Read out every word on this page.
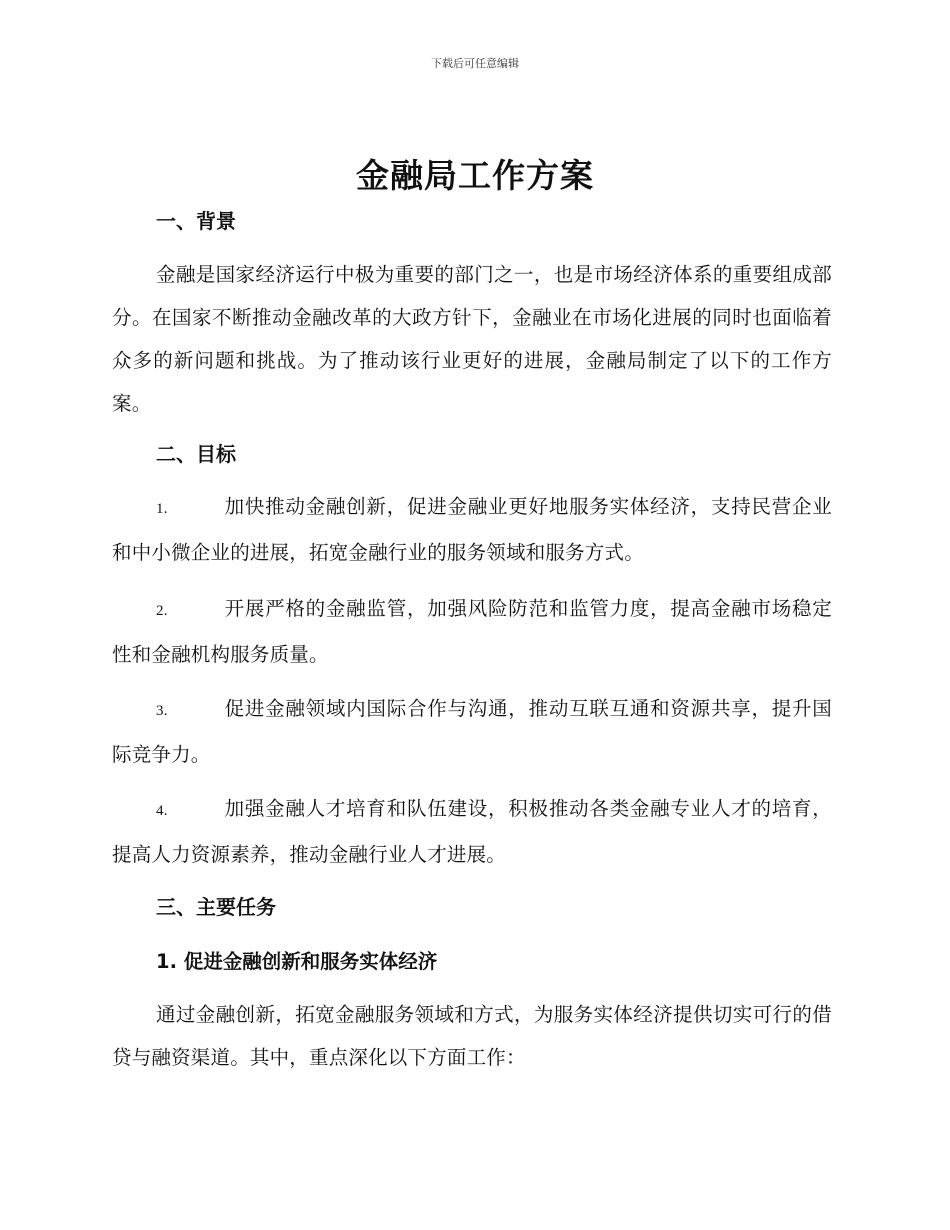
下载后可任意编辑
金融局工作方案
一、背景
金融是国家经济运行中极为重要的部门之一，也是市场经济体系的重要组成部分。在国家不断推动金融改革的大政方针下，金融业在市场化进展的同时也面临着众多的新问题和挑战。为了推动该行业更好的进展，金融局制定了以下的工作方案。
二、目标
1.	加快推动金融创新，促进金融业更好地服务实体经济，支持民营企业和中小微企业的进展，拓宽金融行业的服务领域和服务方式。
2.	开展严格的金融监管，加强风险防范和监管力度，提高金融市场稳定性和金融机构服务质量。
3.	促进金融领域内国际合作与沟通，推动互联互通和资源共享，提升国际竞争力。
4.	加强金融人才培育和队伍建设，积极推动各类金融专业人才的培育，提高人力资源素养，推动金融行业人才进展。
三、主要任务
1. 促进金融创新和服务实体经济
通过金融创新，拓宽金融服务领域和方式，为服务实体经济提供切实可行的借贷与融资渠道。其中，重点深化以下方面工作：
